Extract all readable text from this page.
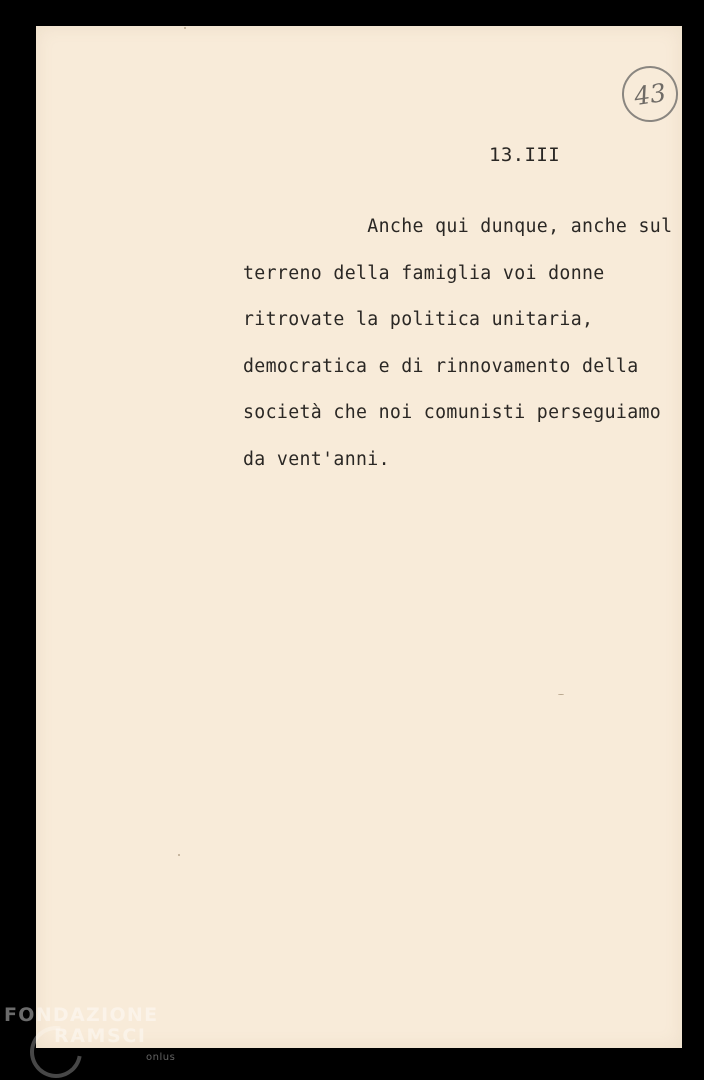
43
13.III
Anche qui dunque, anche sul
terreno della famiglia voi donne
ritrovate la politica unitaria,
democratica e di rinnovamento della
società che noi comunisti perseguiamo
da vent'anni.
FONDAZIONE
RAMSCI
onlus
